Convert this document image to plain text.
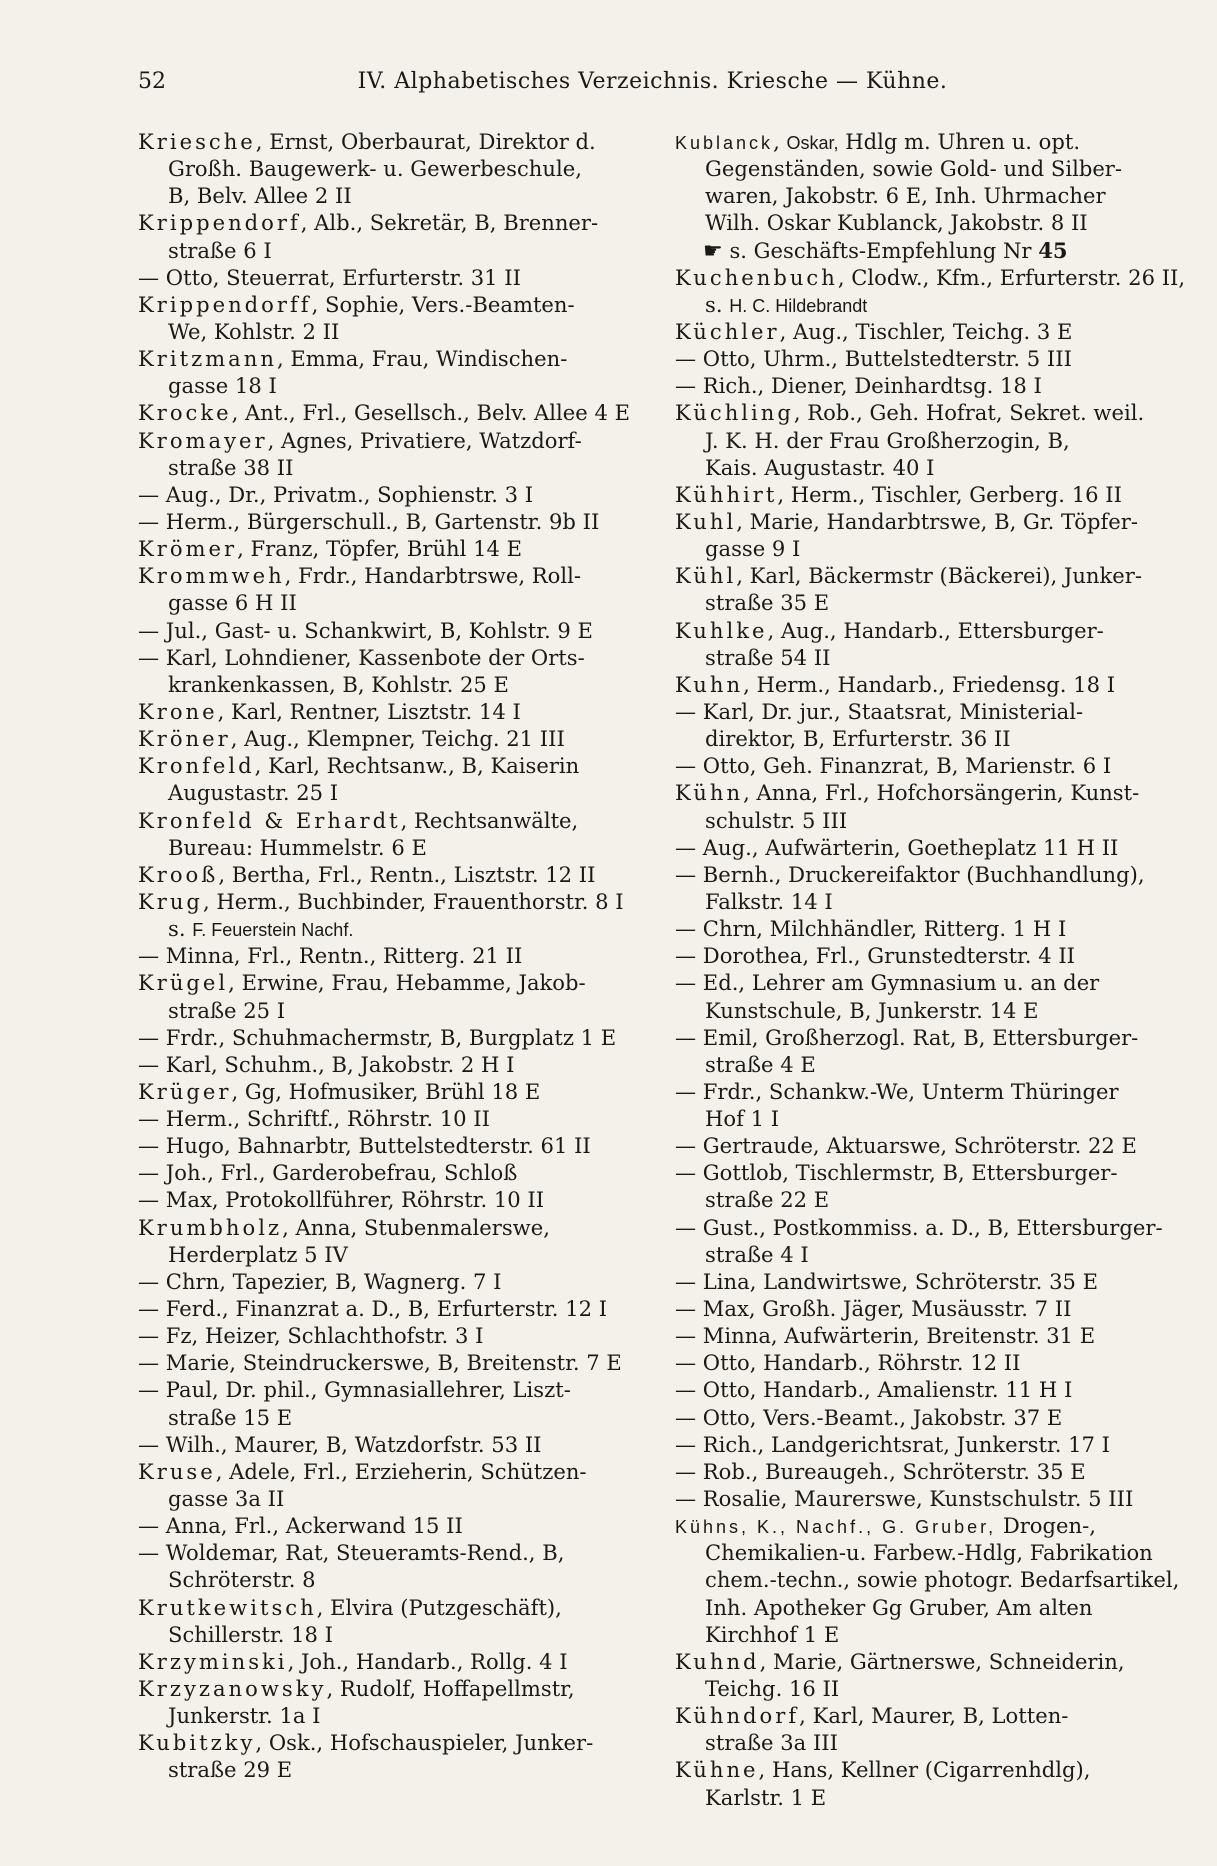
52	IV. Alphabetisches Verzeichnis. Kriesche — Kühne.
Kriesche, Ernst, Oberbaurat, Direktor d.
Großh. Baugewerk- u. Gewerbeschule,
B, Belv. Allee 2 II
Krippendorf, Alb., Sekretär, B, Brenner-
straße 6 I
— Otto, Steuerrat, Erfurterstr. 31 II
Krippendorff, Sophie, Vers.-Beamten-
We, Kohlstr. 2 II
Kritzmann, Emma, Frau, Windischen-
gasse 18 I
Krocke, Ant., Frl., Gesellsch., Belv. Allee 4 E
Kromayer, Agnes, Privatiere, Watzdorf-
straße 38 II
— Aug., Dr., Privatm., Sophienstr. 3 I
— Herm., Bürgerschull., B, Gartenstr. 9b II
Krömer, Franz, Töpfer, Brühl 14 E
Krommweh, Frdr., Handarbtrswe, Roll-
gasse 6 H II
— Jul., Gast- u. Schankwirt, B, Kohlstr. 9 E
— Karl, Lohndiener, Kassenbote der Orts-
krankenkassen, B, Kohlstr. 25 E
Krone, Karl, Rentner, Lisztstr. 14 I
Kröner, Aug., Klempner, Teichg. 21 III
Kronfeld, Karl, Rechtsanw., B, Kaiserin
Augustastr. 25 I
Kronfeld & Erhardt, Rechtsanwälte,
Bureau: Hummelstr. 6 E
Krooß, Bertha, Frl., Rentn., Lisztstr. 12 II
Krug, Herm., Buchbinder, Frauenthorstr. 8 I
s. F. Feuerstein Nachf.
— Minna, Frl., Rentn., Ritterg. 21 II
Krügel, Erwine, Frau, Hebamme, Jakob-
straße 25 I
— Frdr., Schuhmachermstr, B, Burgplatz 1 E
— Karl, Schuhm., B, Jakobstr. 2 H I
Krüger, Gg, Hofmusiker, Brühl 18 E
— Herm., Schriftf., Röhrstr. 10 II
— Hugo, Bahnarbtr, Buttelstedterstr. 61 II
— Joh., Frl., Garderobefrau, Schloß
— Max, Protokollführer, Röhrstr. 10 II
Krumbholz, Anna, Stubenmalerswe,
Herderplatz 5 IV
— Chrn, Tapezier, B, Wagnerg. 7 I
— Ferd., Finanzrat a. D., B, Erfurterstr. 12 I
— Fz, Heizer, Schlachthofstr. 3 I
— Marie, Steindruckerswe, B, Breitenstr. 7 E
— Paul, Dr. phil., Gymnasiallehrer, Liszt-
straße 15 E
— Wilh., Maurer, B, Watzdorfstr. 53 II
Kruse, Adele, Frl., Erzieherin, Schützen-
gasse 3a II
— Anna, Frl., Ackerwand 15 II
— Woldemar, Rat, Steueramts-Rend., B,
Schröterstr. 8
Krutkewitsch, Elvira (Putzgeschäft),
Schillerstr. 18 I
Krzyminski, Joh., Handarb., Rollg. 4 I
Krzyzanowsky, Rudolf, Hoffapellmstr,
Junkerstr. 1a I
Kubitzky, Osk., Hofschauspieler, Junker-
straße 29 E
Kublanck, Oskar, Hdlg m. Uhren u. opt.
Gegenständen, sowie Gold- und Silber-
waren, Jakobstr. 6 E, Inh. Uhrmacher
Wilh. Oskar Kublanck, Jakobstr. 8 II
☛ s. Geschäfts-Empfehlung Nr 45
Kuchenbuch, Clodw., Kfm., Erfurterstr. 26 II,
s. H. C. Hildebrandt
Küchler, Aug., Tischler, Teichg. 3 E
— Otto, Uhrm., Buttelstedterstr. 5 III
— Rich., Diener, Deinhardtsg. 18 I
Küchling, Rob., Geh. Hofrat, Sekret. weil.
J. K. H. der Frau Großherzogin, B,
Kais. Augustastr. 40 I
Kühhirt, Herm., Tischler, Gerberg. 16 II
Kuhl, Marie, Handarbtrswe, B, Gr. Töpfer-
gasse 9 I
Kühl, Karl, Bäckermstr (Bäckerei), Junker-
straße 35 E
Kuhlke, Aug., Handarb., Ettersburger-
straße 54 II
Kuhn, Herm., Handarb., Friedensg. 18 I
— Karl, Dr. jur., Staatsrat, Ministerial-
direktor, B, Erfurterstr. 36 II
— Otto, Geh. Finanzrat, B, Marienstr. 6 I
Kühn, Anna, Frl., Hofchorsängerin, Kunst-
schulstr. 5 III
— Aug., Aufwärterin, Goetheplatz 11 H II
— Bernh., Druckereifaktor (Buchhandlung),
Falkstr. 14 I
— Chrn, Milchhändler, Ritterg. 1 H I
— Dorothea, Frl., Grunstedterstr. 4 II
— Ed., Lehrer am Gymnasium u. an der
Kunstschule, B, Junkerstr. 14 E
— Emil, Großherzogl. Rat, B, Ettersburger-
straße 4 E
— Frdr., Schankw.-We, Unterm Thüringer
Hof 1 I
— Gertraude, Aktuarswe, Schröterstr. 22 E
— Gottlob, Tischlermstr, B, Ettersburger-
straße 22 E
— Gust., Postkommiss. a. D., B, Ettersburger-
straße 4 I
— Lina, Landwirtswe, Schröterstr. 35 E
— Max, Großh. Jäger, Musäusstr. 7 II
— Minna, Aufwärterin, Breitenstr. 31 E
— Otto, Handarb., Röhrstr. 12 II
— Otto, Handarb., Amalienstr. 11 H I
— Otto, Vers.-Beamt., Jakobstr. 37 E
— Rich., Landgerichtsrat, Junkerstr. 17 I
— Rob., Bureaugeh., Schröterstr. 35 E
— Rosalie, Maurerswe, Kunstschulstr. 5 III
Kühns, K., Nachf., G. Gruber, Drogen-,
Chemikalien-u. Farbew.-Hdlg, Fabrikation
chem.-techn., sowie photogr. Bedarfsartikel,
Inh. Apotheker Gg Gruber, Am alten
Kirchhof 1 E
Kuhnd, Marie, Gärtnerswe, Schneiderin,
Teichg. 16 II
Kühndorf, Karl, Maurer, B, Lotten-
straße 3a III
Kühne, Hans, Kellner (Cigarrenhdlg),
Karlstr. 1 E
